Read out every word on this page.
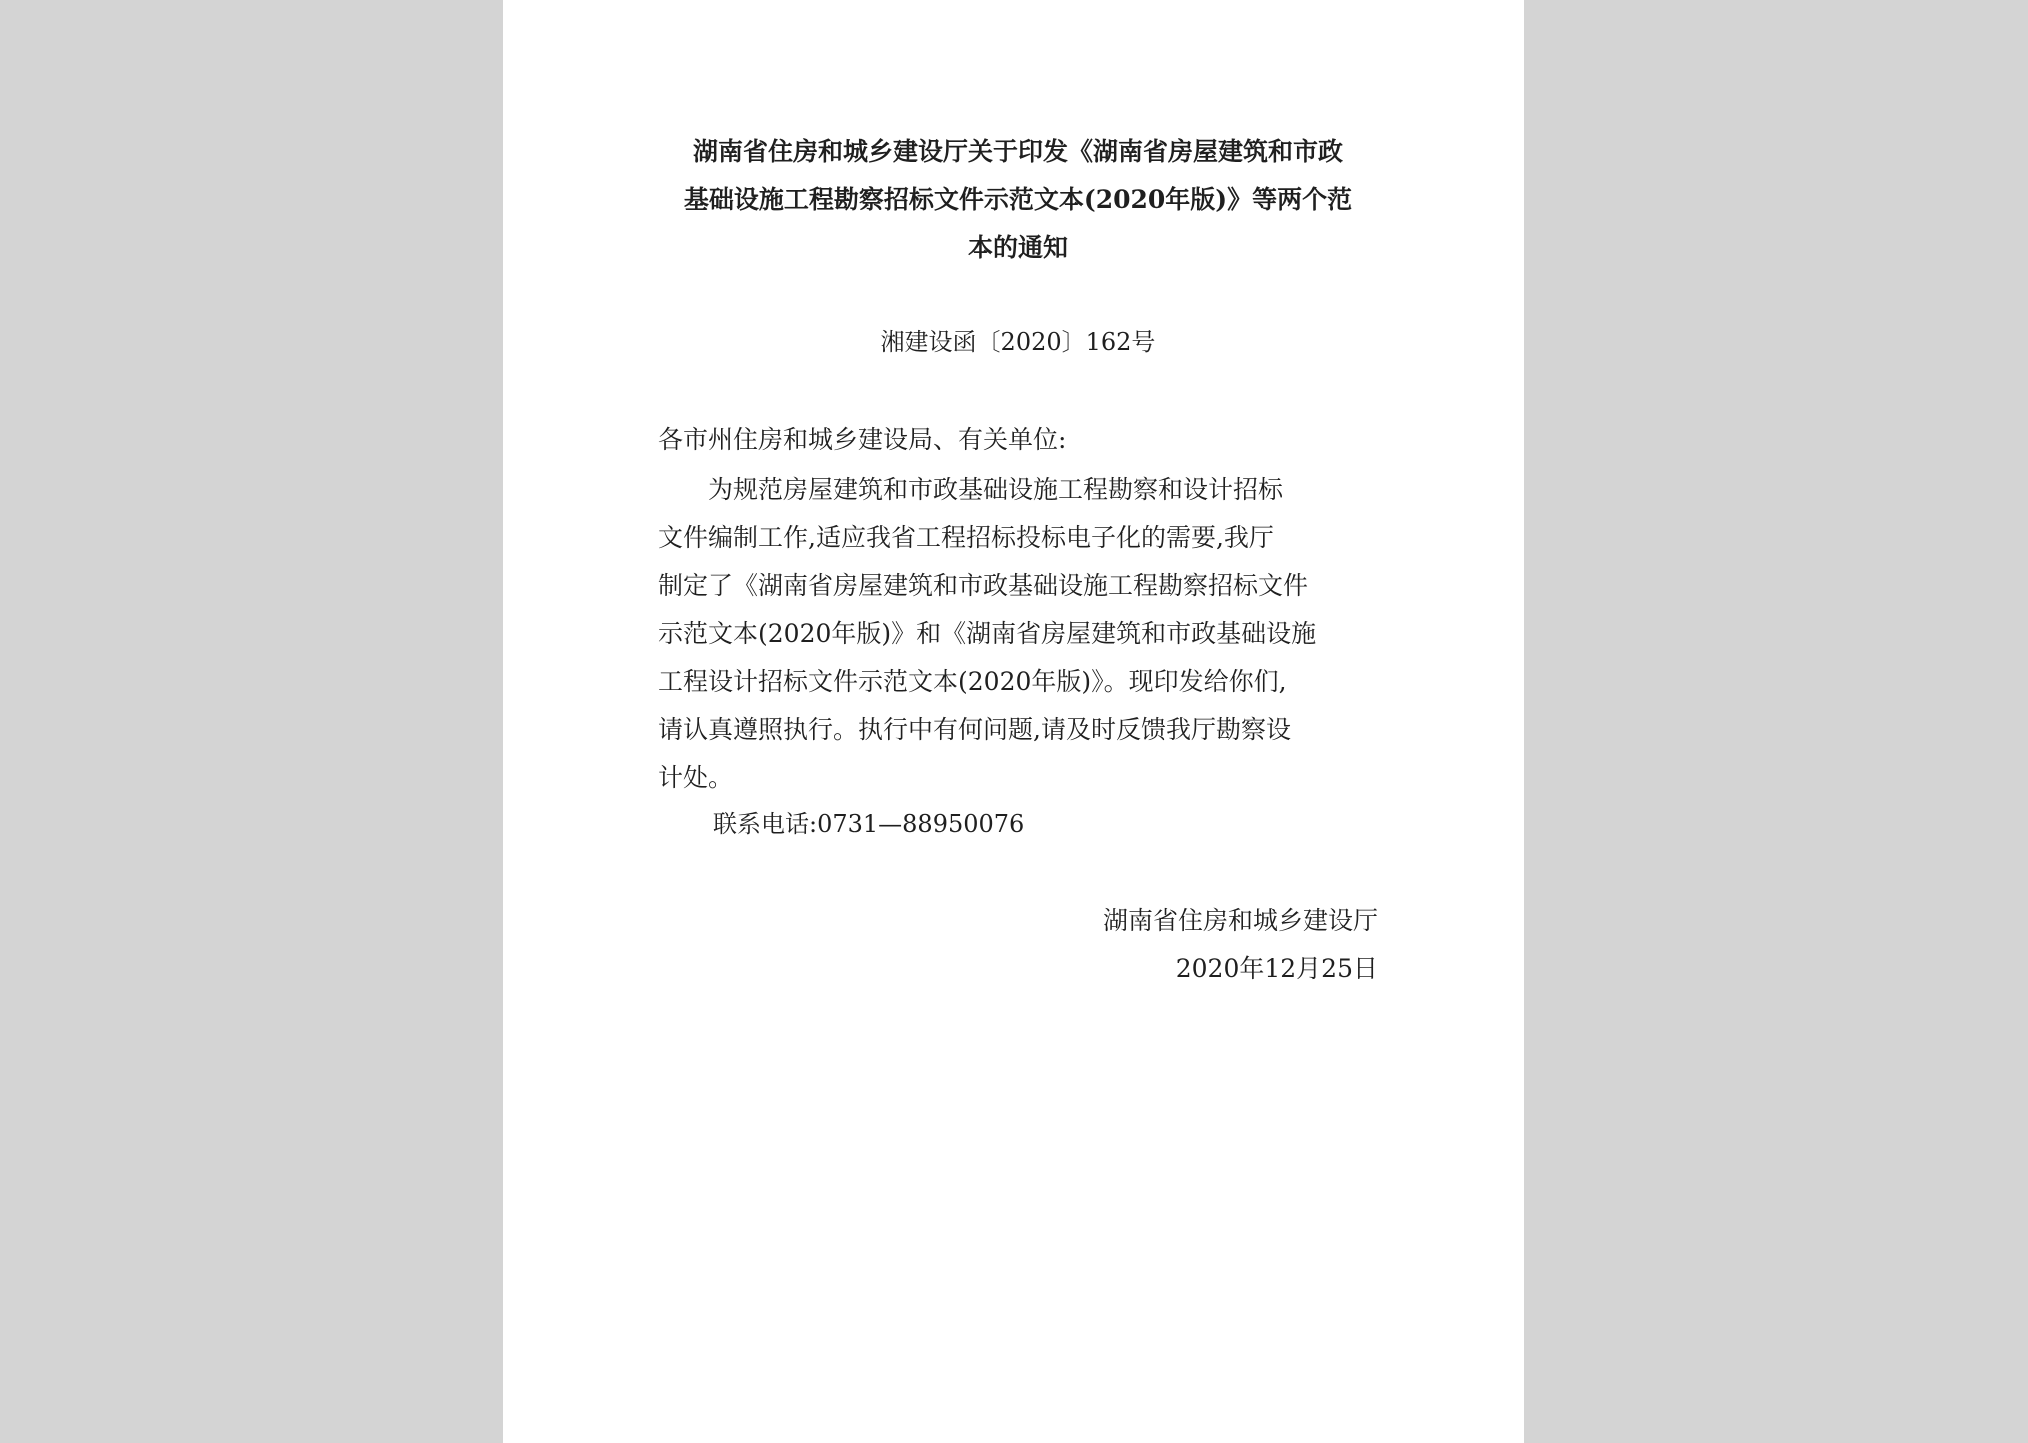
湖南省住房和城乡建设厅关于印发《湖南省房屋建筑和市政
基础设施工程勘察招标文件示范文本(2020年版)》等两个范
本的通知
湘建设函〔2020〕162号
各市州住房和城乡建设局、有关单位:
　　为规范房屋建筑和市政基础设施工程勘察和设计招标
文件编制工作,适应我省工程招标投标电子化的需要,我厅
制定了《湖南省房屋建筑和市政基础设施工程勘察招标文件
示范文本(2020年版)》和《湖南省房屋建筑和市政基础设施
工程设计招标文件示范文本(2020年版)》。现印发给你们,
请认真遵照执行。执行中有何问题,请及时反馈我厅勘察设
计处。
联系电话:0731—88950076
湖南省住房和城乡建设厅
2020年12月25日
